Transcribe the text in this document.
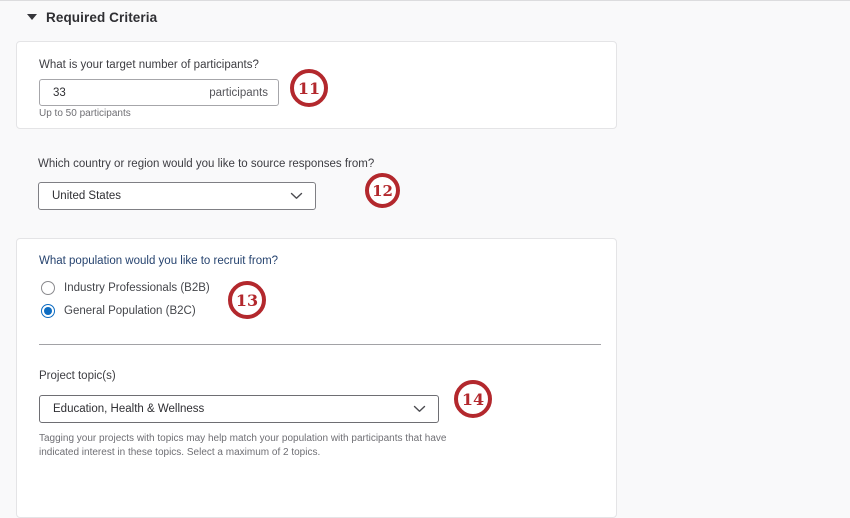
Required Criteria
What is your target number of participants?
33
participants
Up to 50 participants
Which country or region would you like to source responses from?
United States
What population would you like to recruit from?
Industry Professionals (B2B)
General Population (B2C)
Project topic(s)
Education, Health & Wellness
Tagging your projects with topics may help match your population with participants that have indicated interest in these topics. Select a maximum of 2 topics.
11
12
13
14
